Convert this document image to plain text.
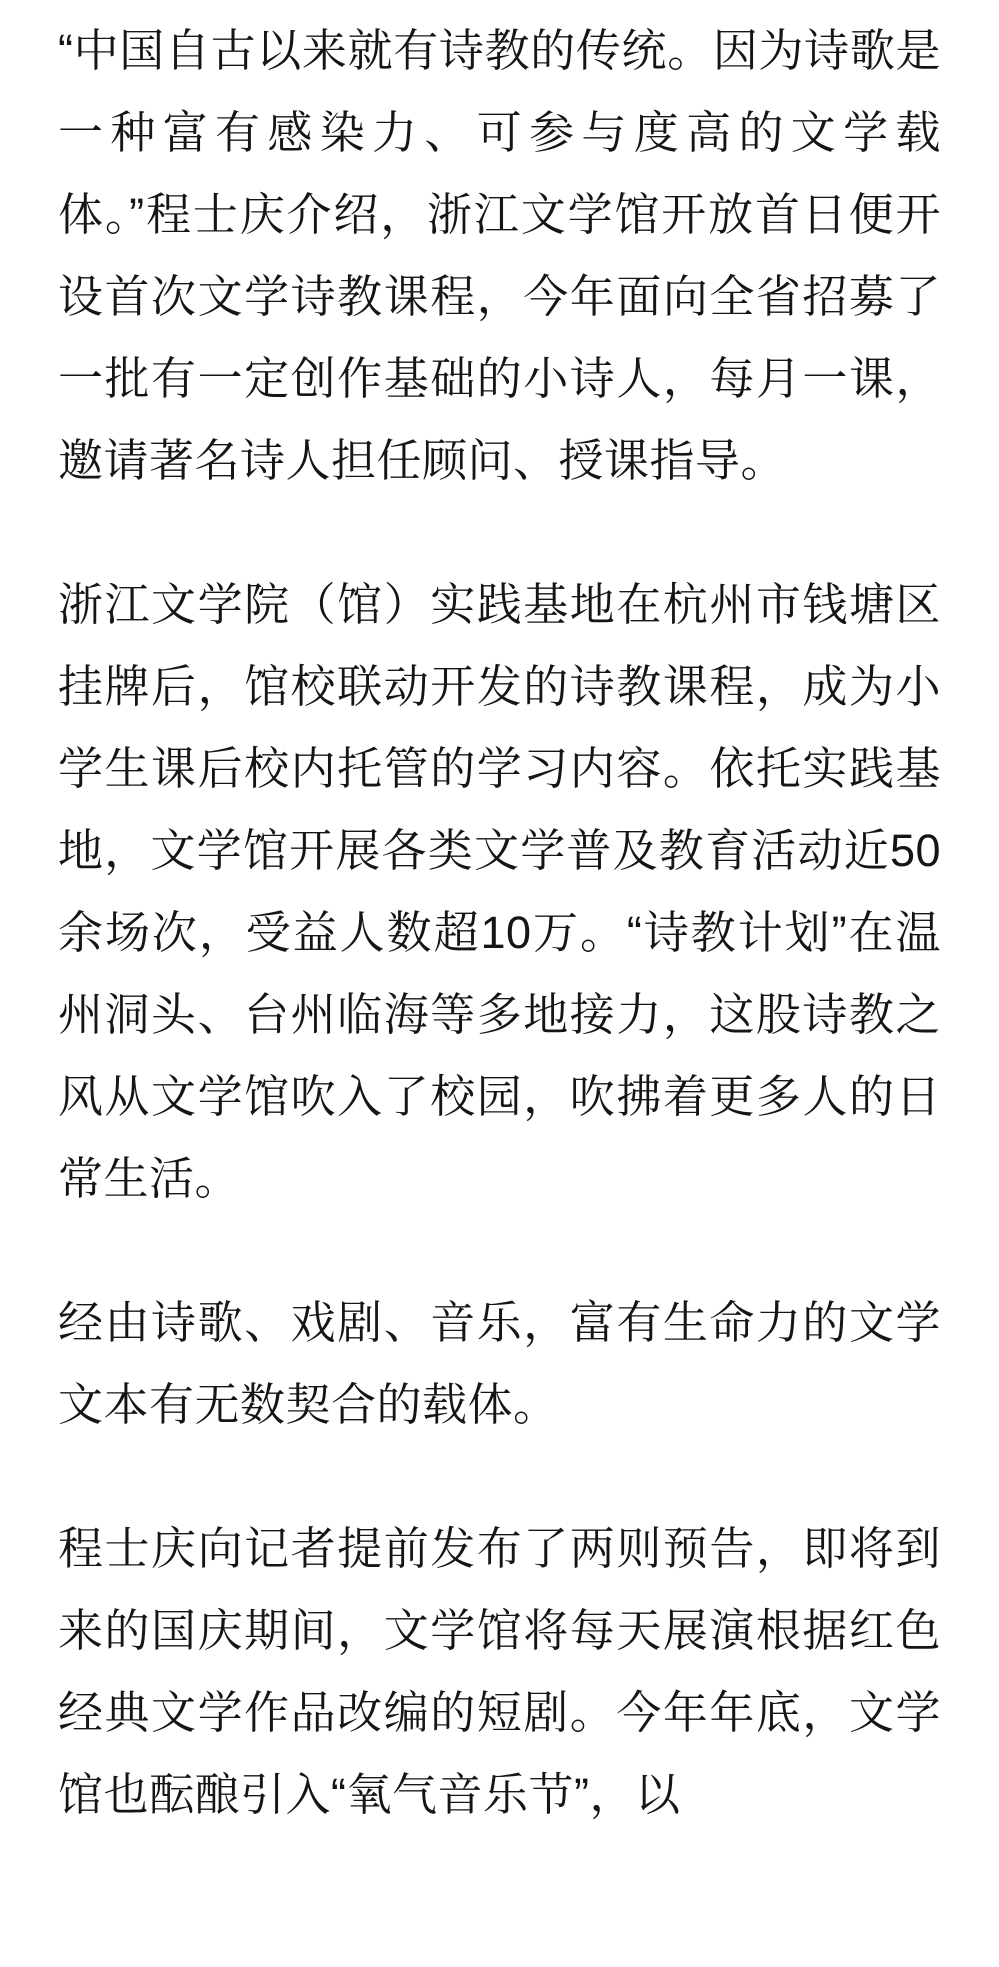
“中国自古以来就有诗教的传统。因为诗歌是一种富有感染力、可参与度高的文学载体。”程士庆介绍，浙江文学馆开放首日便开设首次文学诗教课程，今年面向全省招募了一批有一定创作基础的小诗人，每月一课，邀请著名诗人担任顾问、授课指导。

浙江文学院（馆）实践基地在杭州市钱塘区挂牌后，馆校联动开发的诗教课程，成为小学生课后校内托管的学习内容。依托实践基地，文学馆开展各类文学普及教育活动近50余场次，受益人数超10万。“诗教计划”在温州洞头、台州临海等多地接力，这股诗教之风从文学馆吹入了校园，吹拂着更多人的日常生活。

经由诗歌、戏剧、音乐，富有生命力的文学文本有无数契合的载体。

程士庆向记者提前发布了两则预告，即将到来的国庆期间，文学馆将每天展演根据红色经典文学作品改编的短剧。今年年底，文学馆也酝酿引入“氧气音乐节”，以
